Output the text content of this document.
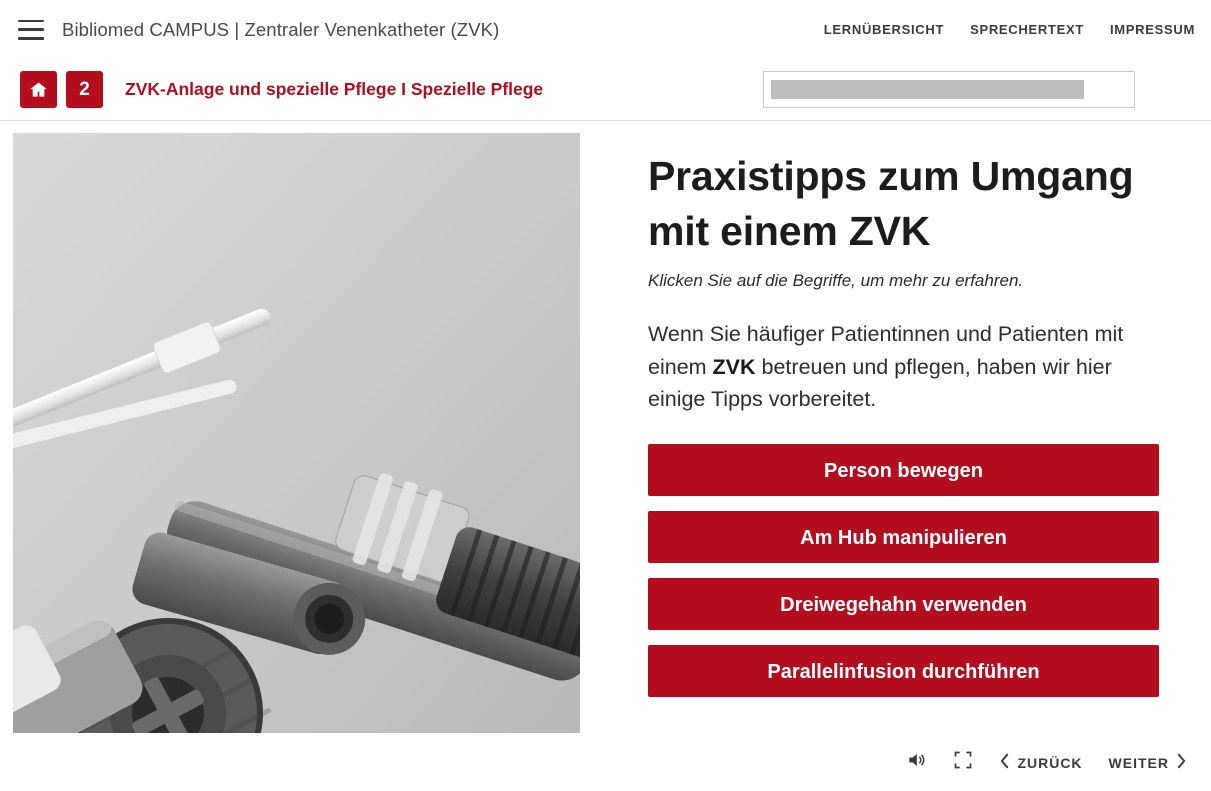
Bibliomed CAMPUS | Zentraler Venenkatheter (ZVK)	LERNÜBERSICHT SPRECHERTEXT IMPRESSUM
2	ZVK-Anlage und spezielle Pflege I Spezielle Pflege
Praxistipps zum Umgang mit einem ZVK
Klicken Sie auf die Begriffe, um mehr zu erfahren.

Wenn Sie häufiger Patientinnen und Patienten mit einem ZVK betreuen und pflegen, haben wir hier einige Tipps vorbereitet.

Person bewegen
Am Hub manipulieren
Dreiwegehahn verwenden
Parallelinfusion durchführen
ZURÜCK WEITER
